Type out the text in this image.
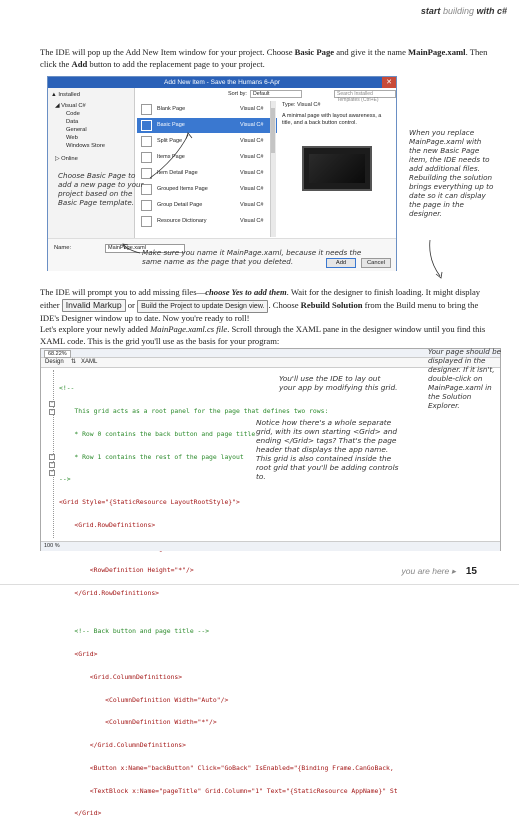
start building with c#
The IDE will pop up the Add New Item window for your project. Choose Basic Page and give it the name MainPage.xaml. Then click the Add button to add the replacement page to your project.
Add New Item - Save the Humans 6-Apr	✕
▲ Installed
◢ Visual C#
Code
Data
General
Web
Windows Store
▷ Online
Sort by:	Default	Search Installed Templates (Ctrl+E)
Blank Page	Visual C#
Basic Page	Visual C#
Split Page	Visual C#
Items Page	Visual C#
Item Detail Page	Visual C#
Grouped Items Page	Visual C#
Group Detail Page	Visual C#
Resource Dictionary	Visual C#
Type: Visual C#
A minimal page with layout awareness, a title, and a back button control.
Name:	MainPage.xaml
Add	Cancel
Choose Basic Page to add a new page to your project based on the Basic Page template.
When you replace MainPage.xaml with the new Basic Page item, the IDE needs to add additional files. Rebuilding the solution brings everything up to date so it can display the page in the designer.
Make sure you name it MainPage.xaml, because it needs the same name as the page that you deleted.
The IDE will prompt you to add missing files—choose Yes to add them. Wait for the designer to finish loading. It might display either Invalid Markup or Build the Project to update Design view. . Choose Rebuild Solution from the Build menu to bring the IDE's Designer window up to date. Now you're ready to roll!
Let's explore your newly added MainPage.xaml.cs file. Scroll through the XAML pane in the designer window until you find this XAML code. This is the grid you'll use as the basis for your program:
68.22%
Design ⇅ XAML
−
−
−
−
−

<!--

This grid acts as a root panel for the page that defines two rows:

* Row 0 contains the back button and page title

* Row 1 contains the rest of the page layout

-->

<Grid Style="{StaticResource LayoutRootStyle}">

<Grid.RowDefinitions>

<RowDefinition Height="*"/>

</Grid.RowDefinitions>

<!-- Back button and page title -->

<Grid>

<Grid.ColumnDefinitions>

<ColumnDefinition Width="Auto"/>

<ColumnDefinition Width="*"/>

</Grid.ColumnDefinitions>

<Button x:Name="backButton" Click="GoBack" IsEnabled="{Binding Frame.CanGoBack,

<TextBlock x:Name="pageTitle" Grid.Column="1" Text="{StaticResource AppName}" St

</Grid>

100 %
You'll use the IDE to lay out your app by modifying this grid.
Notice how there's a whole separate grid, with its own starting <Grid> and ending </Grid> tags? That's the page header that displays the app name. This grid is also contained inside the root grid that you'll be adding controls to.
Your page should be displayed in the designer. If it isn't, double-click on MainPage.xaml in the Solution Explorer.
you are here ▸ 15
